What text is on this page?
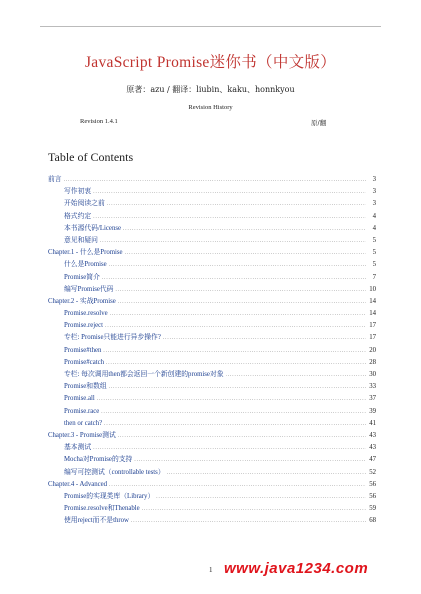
JavaScript Promise迷你书（中文版）
原著：azu / 翻译：liubin、kaku、honnkyou
Revision History
Revision 1.4.1	原/翻
Table of Contents
前言 .....	3
写作初衷 .....	3
开始阅读之前 .....	3
格式约定 .....	4
本书源代码/License .....	4
意见和疑问 .....	5
Chapter.1 - 什么是Promise .....	5
什么是Promise .....	5
Promise简介 .....	7
编写Promise代码 .....	10
Chapter.2 - 实战Promise .....	14
Promise.resolve .....	14
Promise.reject .....	17
专栏: Promise只能进行异步操作? .....	17
Promise#then .....	20
Promise#catch .....	28
专栏: 每次调用then都会返回一个新创建的promise对象 .....	30
Promise和数组 .....	33
Promise.all .....	37
Promise.race .....	39
then or catch? .....	41
Chapter.3 - Promise测试 .....	43
基本测试 .....	43
Mocha对Promise的支持 .....	47
编写可控测试（controllable tests） .....	52
Chapter.4 - Advanced .....	56
Promise的实现类库（Library） .....	56
Promise.resolve和Thenable .....	59
使用reject而不是throw .....	68
1 www.java1234.com
